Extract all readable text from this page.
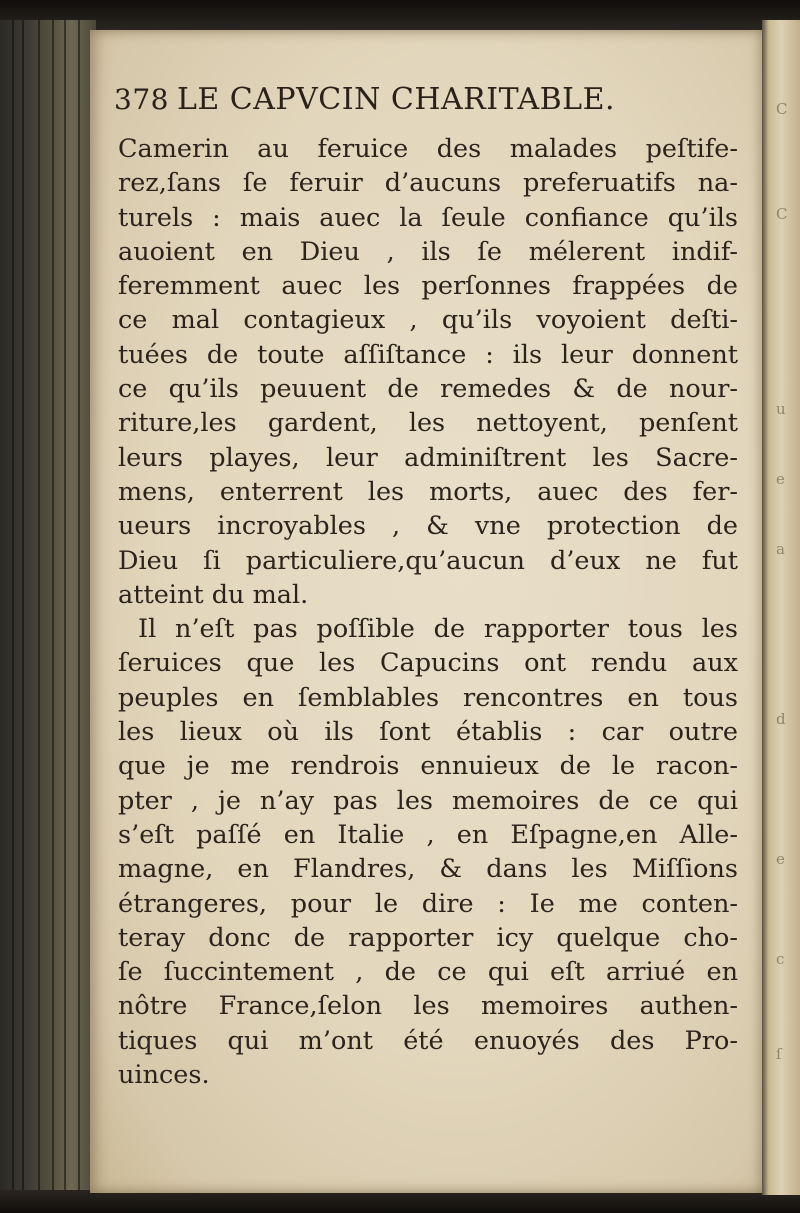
C
C
u
e
a
d
e
c
ſ
378 LE CAPVCIN CHARITABLE.
Camerin au feruice des malades peſtife-
rez,ſans ſe feruir d’aucuns preferuatifs na-
turels : mais auec la ſeule confiance qu’ils
auoient en Dieu , ils ſe mélerent indif-
feremment auec les perſonnes frappées de
ce mal contagieux , qu’ils voyoient deſti-
tuées de toute aſſiſtance : ils leur donnent
ce qu’ils peuuent de remedes & de nour-
riture,les gardent, les nettoyent, penſent
leurs playes, leur adminiſtrent les Sacre-
mens, enterrent les morts, auec des fer-
ueurs incroyables , & vne protection de
Dieu ſi particuliere,qu’aucun d’eux ne fut
atteint du mal.
Il n’eſt pas poſſible de rapporter tous les
ſeruices que les Capucins ont rendu aux
peuples en ſemblables rencontres en tous
les lieux où ils ſont établis : car outre
que je me rendrois ennuieux de le racon-
pter , je n’ay pas les memoires de ce qui
s’eſt paſſé en Italie , en Eſpagne,en Alle-
magne, en Flandres, & dans les Miſſions
étrangeres, pour le dire : Ie me conten-
teray donc de rapporter icy quelque cho-
ſe ſuccintement , de ce qui eſt arriué en
nôtre France,ſelon les memoires authen-
tiques qui m’ont été enuoyés des Pro-
uinces.
